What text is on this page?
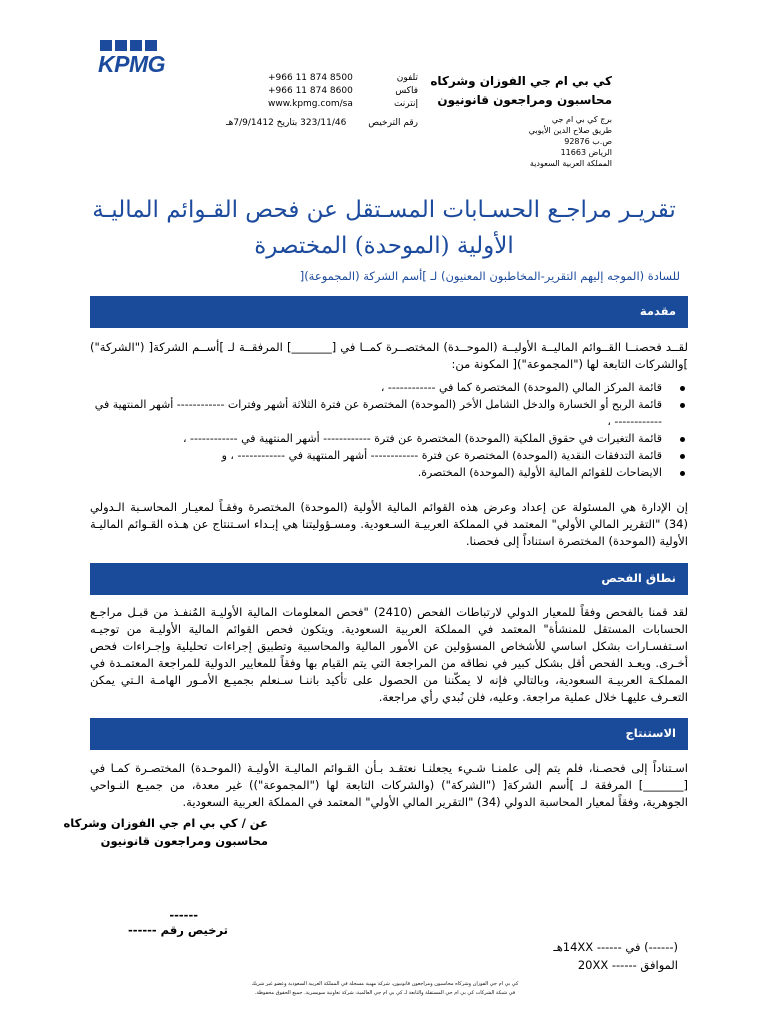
KPMG
+966 11 874 8500
+966 11 874 8600
www.kpmg.com/sa
تلفون
فاكس
إنترنت
323/11/46 بتاريخ 7/9/1412هـ	رقم الترخيص
كي بي ام جي الفوزان وشركاه
محاسبون ومراجعون قانونيون
برج كي بي ام جي
طريق صلاح الدين الأيوبي
ص.ب 92876
الرياض 11663
المملكة العربية السعودية
تقريـر مراجـع الحسـابات المسـتقل عن فحص القـوائم الماليـة
الأولية (الموحدة) المختصرة
للسادة (الموجه إليهم التقرير-المخاطبون المعنيون) لـ ]أسم الشركة (المجموعة)[
مقدمة
لقــد فحصنــا القــوائم الماليــة الأوليــة (الموحــدة) المختصــرة كمــا في [_______] المرفقــة لـ ]أســم الشركة[ ("الشركة") ]والشركات التابعة لها ("المجموعة")[ المكونة من:
قائمة المركز المالي (الموحدة) المختصرة كما في ------------ ،
قائمة الربح أو الخسارة والدخل الشامل الأخر (الموحدة) المختصرة عن فترة الثلاثة أشهر وفترات ------------ أشهر المنتهية في ------------ ،
قائمة التغيرات في حقوق الملكية (الموحدة) المختصرة عن فترة ------------ أشهر المنتهية في ------------ ،
قائمة التدفقات النقدية (الموحدة) المختصرة عن فترة ------------ أشهر المنتهية في ------------ ، و
الايضاحات للقوائم المالية الأولية (الموحدة) المختصرة.
إن الإدارة هي المسئولة عن إعداد وعرض هذه القوائم المالية الأولية (الموحدة) المختصرة وفقـاً لمعيـار المحاسـبة الـدولي (34) "التقرير المالي الأولي" المعتمد في المملكة العربيـة السـعودية. ومسـؤوليتنا هي إبـداء اسـتنتاج عن هـذه القـوائم الماليـة الأولية (الموحدة) المختصرة استناداً إلى فحصنا.
نطاق الفحص
لقد قمنا بالفحص وفقاً للمعيار الدولي لارتباطات الفحص (2410) "فحص المعلومات المالية الأوليـة المُنفـذ من قبـل مراجـع الحسابات المستقل للمنشأة" المعتمد في المملكة العربية السعودية. ويتكون فحص القوائم المالية الأوليـة من توجيـه اسـتفسـارات بشكل اساسي للأشخاص المسؤولين عن الأمور المالية والمحاسبية وتطبيق إجراءات تحليلية وإجـراءات فحص أخـرى. ويعـد الفحص أقل بشكل كبير في نطاقه من المراجعة التي يتم القيام بها وفقاً للمعايير الدولية للمراجعة المعتمـدة في المملكـة العربيـة السعودية، وبالتالي فإنه لا يمكّننا من الحصول على تأكيد باننـا سـنعلم بجميـع الأمـور الهامـة الـتي يمكن التعـرف عليهـا خلال عملية مراجعة. وعليه، فلن نُبدي رأي مراجعة.
الاستنتاج
اسـتناداً إلى فحصـنا، فلم يتم إلى علمنـا شـيء يجعلنـا نعتقـد بـأن القـوائم الماليـة الأوليـة (الموحـدة) المختصـرة كمـا في [_______] المرفقة لـ ]أسم الشركة[ ("الشركة") (والشركات التابعة لها ("المجموعة")) غير معدة، من جميـع النـواحي الجوهرية، وفقاً لمعيار المحاسبة الدولي (34) "التقرير المالي الأولي" المعتمد في المملكة العربية السعودية.
عن / كي بي ام جي الفوزان وشركاه
محاسبون ومراجعون قانونيون
------
ترخيص رقم ------
(------) في ------ 14XXهـ
الموافق ------ 20XX
كي بي ام جي الفوزان وشركاه محاسبون ومراجعون قانونيون، شركة مهنية مسجلة في المملكة العربية السعودية وعضو غير شريك
في شبكة الشركات كي بي ام جي المستقلة والتابعة لـ كي بي ام جي العالمية، شركة تعاونية سويسرية. جميع الحقوق محفوظة.
